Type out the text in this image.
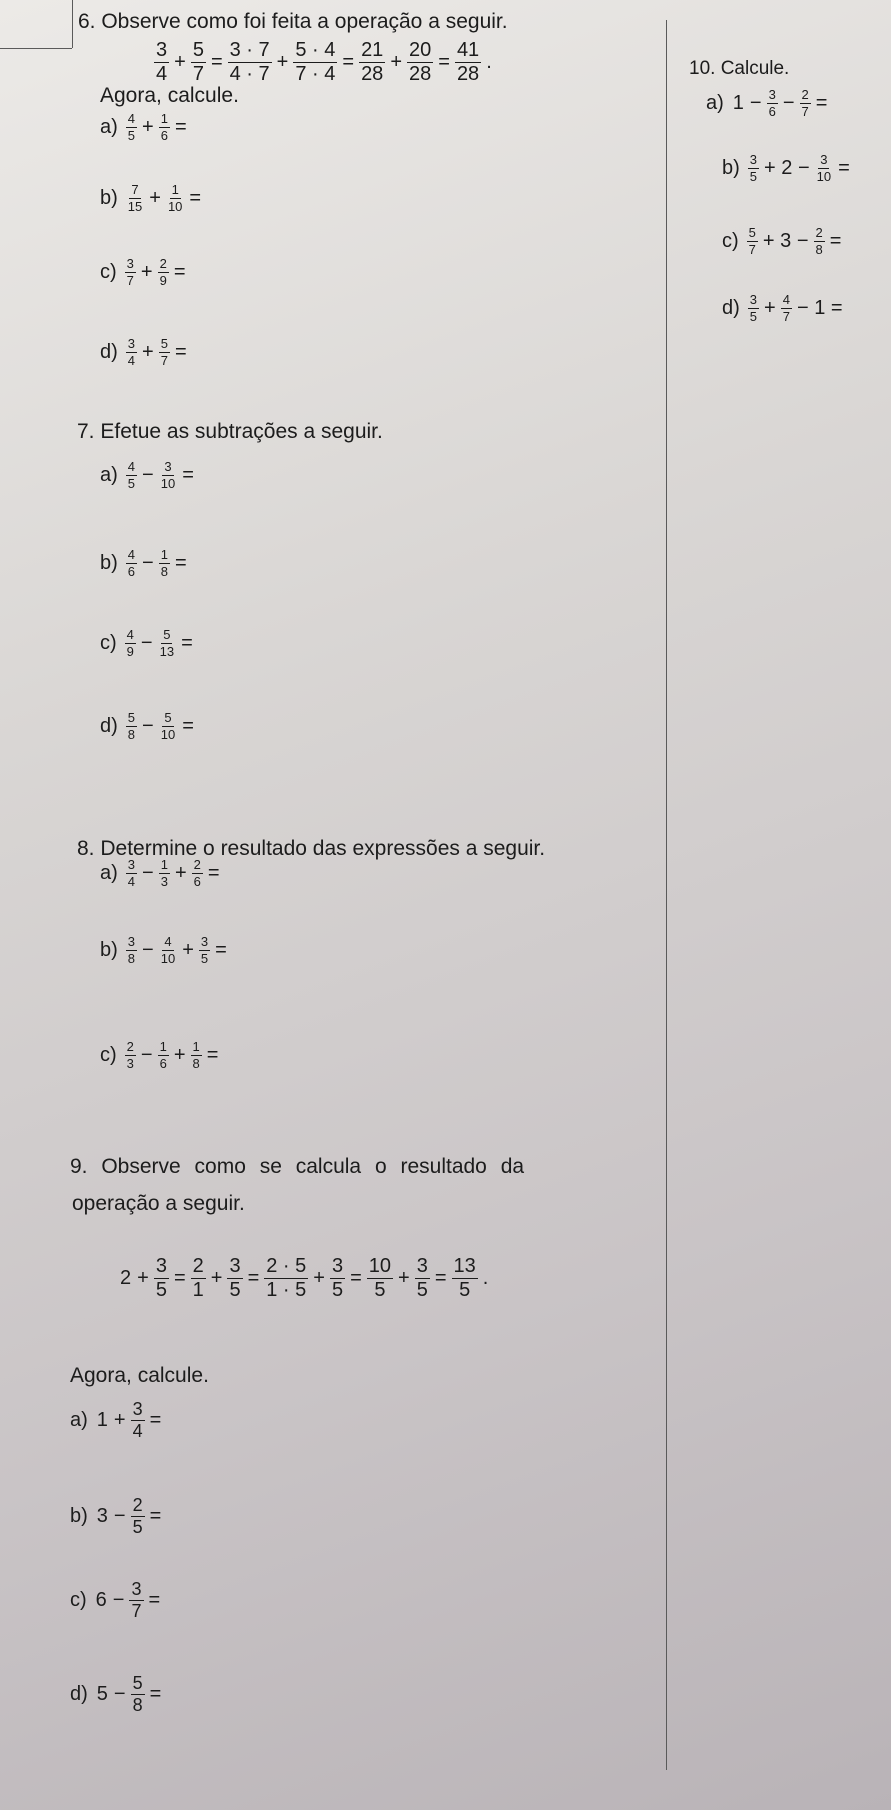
6. Observe como foi feita a operação a seguir.
$\frac{3}{4} + \frac{5}{7} = \frac{3 \cdot 7}{4 \cdot 7} + \frac{5 \cdot 4}{7 \cdot 4} = \frac{21}{28} + \frac{20}{28} = \frac{41}{28}$ .
Agora, calcule.
$a) \frac{4}{5} + \frac{1}{6}$ =
$b) \frac{7}{15} + \frac{1}{10}$ =
$c) \frac{3}{7} + \frac{2}{9}$ =
$d) \frac{3}{4} + \frac{5}{7}$ =
7. Efetue as subtrações a seguir.
$a) \frac{4}{5} - \frac{3}{10}$ =
$b) \frac{4}{6} - \frac{1}{8}$ =
$c) \frac{4}{9} - \frac{5}{13}$ =
$d) \frac{5}{8} - \frac{5}{10}$ =
8. Determine o resultado das expressões a seguir.
$a) \frac{3}{4} - \frac{1}{3} + \frac{2}{6}$ =
$b) \frac{3}{8} - \frac{4}{10} + \frac{3}{5}$ =
$c) \frac{2}{3} - \frac{1}{6} + \frac{1}{8}$ =
9. Observe como se calcula o resultado da
operação a seguir.
$2 + \frac{3}{5} = \frac{2}{1} + \frac{3}{5} = \frac{2 \cdot 5}{1 \cdot 5} + \frac{3}{5} = \frac{10}{5} + \frac{3}{5} = \frac{13}{5}$ .
Agora, calcule.
a) $1 + \frac{3}{4}$ =
b) $3 - \frac{2}{5}$ =
c) $6 - \frac{3}{7}$ =
d) $5 - \frac{5}{8}$ =
10. Calcule.
a) $1 - \frac{3}{6} - \frac{2}{7}$ =
$b) \frac{3}{5} + 2 - \frac{3}{10}$ =
$c) \frac{5}{7} + 3 - \frac{2}{8}$ =
$d) \frac{3}{5} + \frac{4}{7} - 1$ =
